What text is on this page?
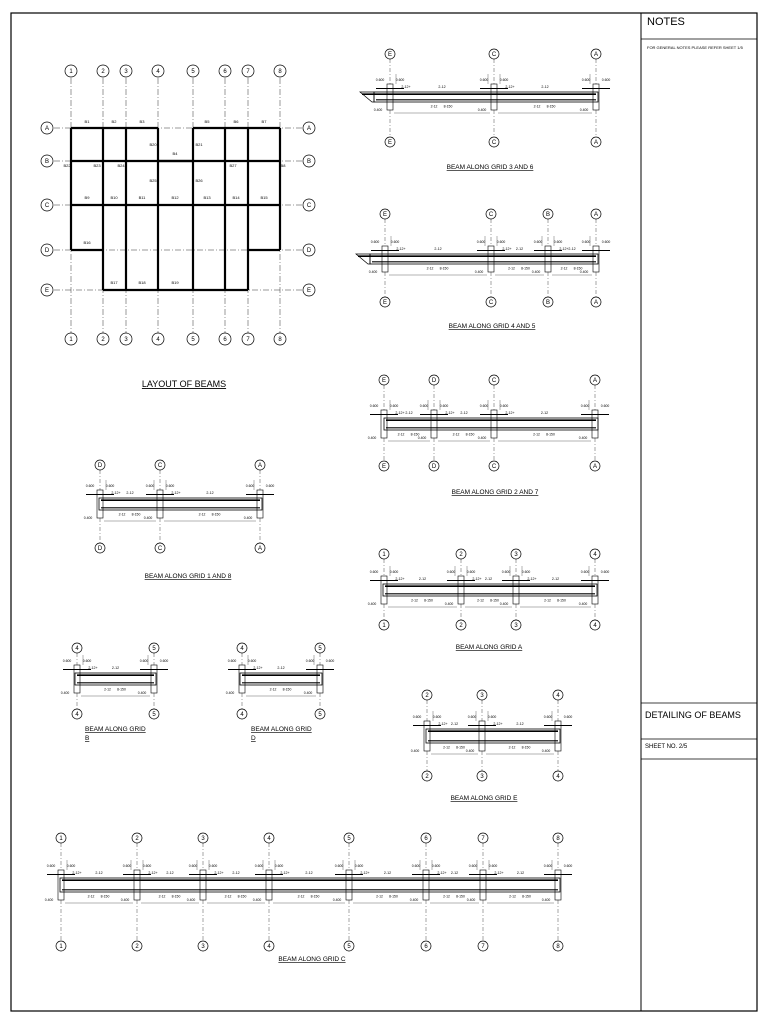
1
1
2
2
3
3
4
4
5
5
6
6
7
7
8
8
A	A
B	B
C	C
D	D
E	E
B1	B2	B3	B5	B6	B7
B4
B20	B21
B22	B23	B24
B25	B26
B27	B8
B9	B10	B11	B12	B13	B14	B15
B16
B17	B18	B19
LAYOUT OF BEAMS
E
E
C
C
A
A
0.600	0.600
0.400
2-12
2-12+
8-150
2-12
0.600	0.600
0.400
2-12
2-12+
8-150
2-12
0.600	0.600
0.400
BEAM ALONG GRID 3 AND 6
E
E
C
C
B
B
A
A
0.600	0.600
0.400
2-12
2-12+
8-150
2-12
0.600	0.600
0.400
2-12
2-12+
8-150
2-12
0.600	0.600
0.400
2-12
2-12+
8-150
2-12
0.600	0.600
0.400
BEAM ALONG GRID 4 AND 5
E
E
D
D
C
C
A
A
0.600	0.600
0.400
2-12
2-12+
8-150
2-12
0.600	0.600
0.400
2-12
2-12+
8-150
2-12
0.600	0.600
0.400
2-12
2-12+
8-150
2-12
0.600	0.600
0.400
BEAM ALONG GRID 2 AND 7
1
1
2
2
3
3
4
4
0.600	0.600
0.400
2-12
2-12+
8-150
2-12
0.600	0.600
0.400
2-12
2-12+
8-150
2-12
0.600	0.600
0.400
2-12
2-12+
8-150
2-12
0.600	0.600
0.400
BEAM ALONG GRID A
D
D
C
C
A
A
0.600	0.600
0.400
2-12
2-12+
8-150
2-12
0.600	0.600
0.400
2-12
2-12+
8-150
2-12
0.600	0.600
0.400
BEAM ALONG GRID 1 AND 8
4
4
5
5
0.600	0.600
0.400
2-12
2-12+
8-150
2-12
0.600	0.600
0.400
BEAM ALONG GRID
B
4
4
5
5
0.600	0.600
0.400
2-12
2-12+
8-150
2-12
0.600	0.600
0.400
BEAM ALONG GRID
D
2
2
3
3
4
4
0.600	0.600
0.400
2-12
2-12+
8-150
2-12
0.600	0.600
0.400
2-12
2-12+
8-150
2-12
0.600	0.600
0.400
BEAM ALONG GRID E
1
1
2
2
3
3
4
4
5
5
6
6
7
7
8
8
0.600	0.600
0.400
2-12
2-12+
8-150
2-12
0.600	0.600
0.400
2-12
2-12+
8-150
2-12
0.600	0.600
0.400
2-12
2-12+
8-150
2-12
0.600	0.600
0.400
2-12
2-12+
8-150
2-12
0.600	0.600
0.400
2-12
2-12+
8-150
2-12
0.600	0.600
0.400
2-12
2-12+
8-150
2-12
0.600	0.600
0.400
2-12
2-12+
8-150
2-12
0.600	0.600
0.400
BEAM ALONG GRID C
NOTES
FOR GENERAL NOTES PLEASE REFER SHEET 1/5
DETAILING OF BEAMS
SHEET NO. 2/5
